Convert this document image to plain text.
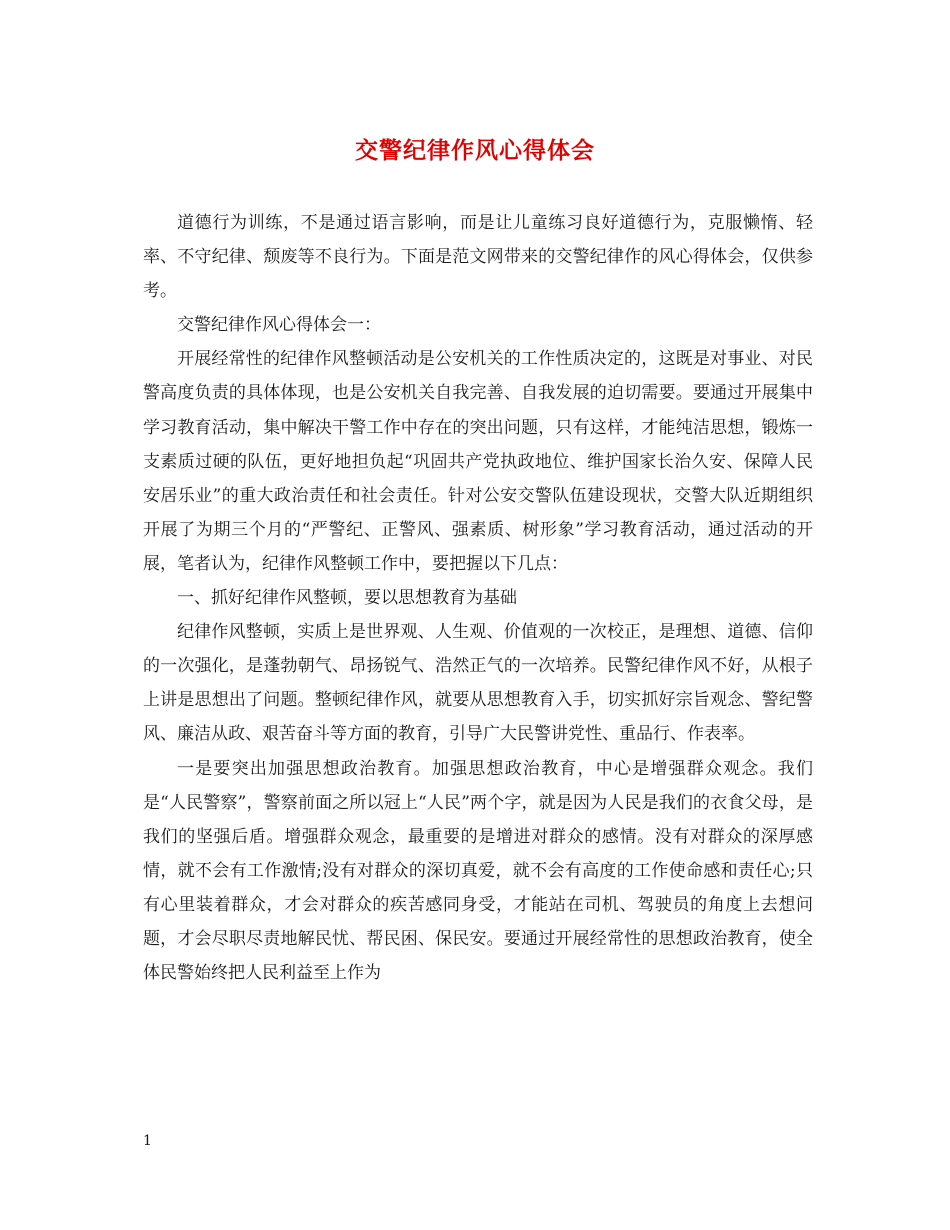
交警纪律作风心得体会

道德行为训练，不是通过语言影响，而是让儿童练习良好道德行为，克服懒惰、轻率、不守纪律、颓废等不良行为。下面是范文网带来的交警纪律作的风心得体会，仅供参考。

交警纪律作风心得体会一：

开展经常性的纪律作风整顿活动是公安机关的工作性质决定的，这既是对事业、对民警高度负责的具体体现，也是公安机关自我完善、自我发展的迫切需要。要通过开展集中学习教育活动，集中解决干警工作中存在的突出问题，只有这样，才能纯洁思想，锻炼一支素质过硬的队伍，更好地担负起“巩固共产党执政地位、维护国家长治久安、保障人民安居乐业”的重大政治责任和社会责任。针对公安交警队伍建设现状，交警大队近期组织开展了为期三个月的“严警纪、正警风、强素质、树形象”学习教育活动，通过活动的开展，笔者认为，纪律作风整顿工作中，要把握以下几点：

一、抓好纪律作风整顿，要以思想教育为基础

纪律作风整顿，实质上是世界观、人生观、价值观的一次校正，是理想、道德、信仰的一次强化，是蓬勃朝气、昂扬锐气、浩然正气的一次培养。民警纪律作风不好，从根子上讲是思想出了问题。整顿纪律作风，就要从思想教育入手，切实抓好宗旨观念、警纪警风、廉洁从政、艰苦奋斗等方面的教育，引导广大民警讲党性、重品行、作表率。

一是要突出加强思想政治教育。加强思想政治教育，中心是增强群众观念。我们是“人民警察”，警察前面之所以冠上“人民”两个字，就是因为人民是我们的衣食父母，是我们的坚强后盾。增强群众观念，最重要的是增进对群众的感情。没有对群众的深厚感情，就不会有工作激情;没有对群众的深切真爱，就不会有高度的工作使命感和责任心;只有心里装着群众，才会对群众的疾苦感同身受，才能站在司机、驾驶员的角度上去想问题，才会尽职尽责地解民忧、帮民困、保民安。要通过开展经常性的思想政治教育，使全体民警始终把人民利益至上作为

1
